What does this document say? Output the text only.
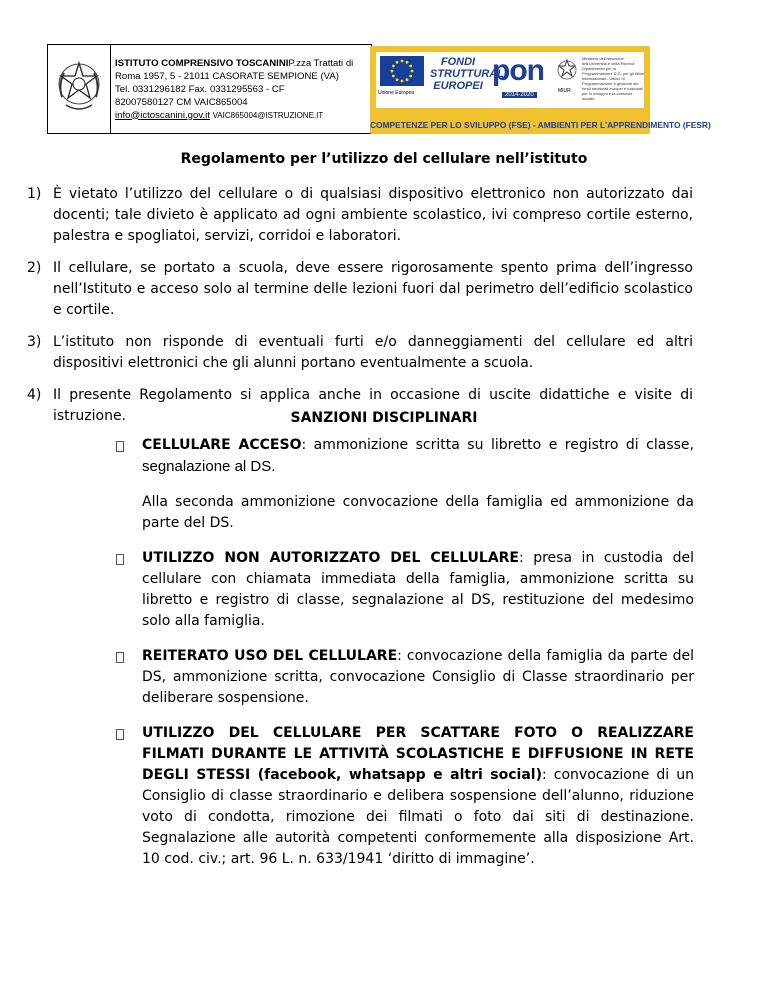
ISTITUTO COMPRENSIVO TOSCANINIP.zza Trattati di
Roma 1957, 5 - 21011 CASORATE SEMPIONE (VA)
Tel. 0331296182 Fax. 0331295563 - CF
82007580127 CM VAIC865004
info@ictoscanini.gov.it VAIC865004@ISTRUZIONE.IT
Unione Europea
FONDI
STRUTTURALI
EUROPEI pon
2014-2020
MIUR
Ministero dell'Istruzione, dell'Università e della Ricerca Dipartimento per la Programmazione D.G. per gli Affari Internazionali - Ufficio IV Programmazione e gestione dei fondi strutturali europei e nazionali per lo sviluppo e la coesione sociale
COMPETENZE PER LO SVILUPPO (FSE) - AMBIENTI PER L'APPRENDIMENTO (FESR)
Regolamento per l’utilizzo del cellulare nell’istituto
1) È vietato l’utilizzo del cellulare o di qualsiasi dispositivo elettronico non autorizzato dai docenti; tale divieto è applicato ad ogni ambiente scolastico, ivi compreso cortile esterno, palestra e spogliatoi, servizi, corridoi e laboratori.
2) Il cellulare, se portato a scuola, deve essere rigorosamente spento prima dell’ingresso nell’Istituto e acceso solo al termine delle lezioni fuori dal perimetro dell’edificio scolastico e cortile.
3) L’istituto non risponde di eventuali furti e/o danneggiamenti del cellulare ed altri dispositivi elettronici che gli alunni portano eventualmente a scuola.
4) Il presente Regolamento si applica anche in occasione di uscite didattiche e visite di istruzione.	SANZIONI DISCIPLINARI
CELLULARE ACCESO: ammonizione scritta su libretto e registro di classe, segnalazione al DS.

Alla seconda ammonizione convocazione della famiglia ed ammonizione da parte del DS.

UTILIZZO NON AUTORIZZATO DEL CELLULARE: presa in custodia del cellulare con chiamata immediata della famiglia, ammonizione scritta su libretto e registro di classe, segnalazione al DS, restituzione del medesimo solo alla famiglia.
REITERATO USO DEL CELLULARE: convocazione della famiglia da parte del DS, ammonizione scritta, convocazione Consiglio di Classe straordinario per deliberare sospensione.
UTILIZZO DEL CELLULARE PER SCATTARE FOTO O REALIZZARE FILMATI DURANTE LE ATTIVITÀ SCOLASTICHE E DIFFUSIONE IN RETE DEGLI STESSI (facebook, whatsapp e altri social): convocazione di un Consiglio di classe straordinario e delibera sospensione dell’alunno, riduzione voto di condotta, rimozione dei filmati o foto dai siti di destinazione. Segnalazione alle autorità competenti conformemente alla disposizione Art. 10 cod. civ.; art. 96 L. n. 633/1941 ‘diritto di immagine’.
